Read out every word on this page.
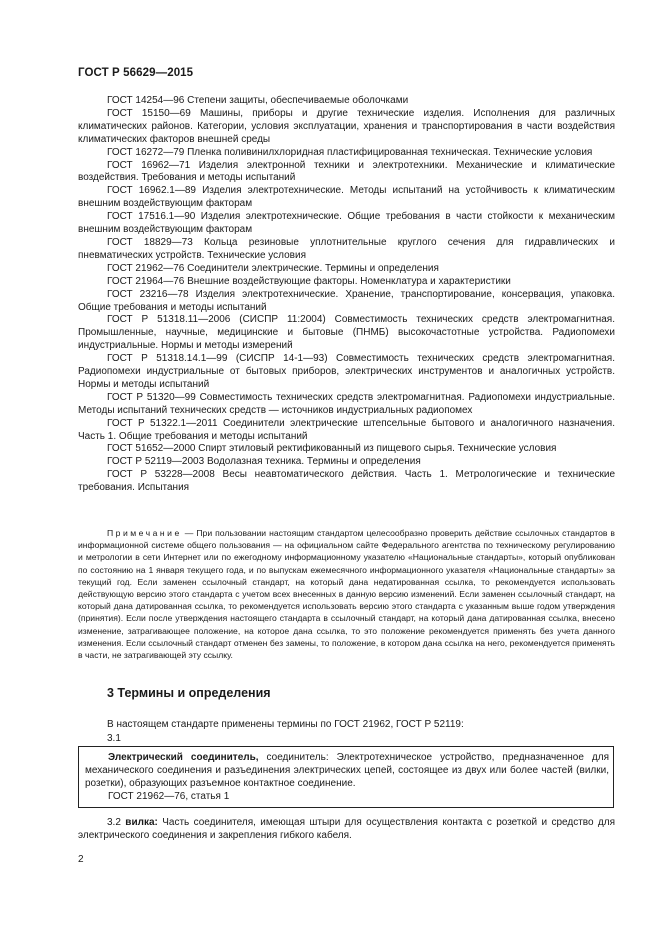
ГОСТ Р 56629—2015

ГОСТ 14254—96 Степени защиты, обеспечиваемые оболочками

ГОСТ 15150—69 Машины, приборы и другие технические изделия. Исполнения для различных климатических районов. Категории, условия эксплуатации, хранения и транспортирования в части воздействия климатических факторов внешней среды

ГОСТ 16272—79 Пленка поливинилхлоридная пластифицированная техническая. Технические условия

ГОСТ 16962—71 Изделия электронной техники и электротехники. Механические и климатические воздействия. Требования и методы испытаний

ГОСТ 16962.1—89 Изделия электротехнические. Методы испытаний на устойчивость к климатическим внешним воздействующим факторам

ГОСТ 17516.1—90 Изделия электротехнические. Общие требования в части стойкости к механическим внешним воздействующим факторам

ГОСТ 18829—73 Кольца резиновые уплотнительные круглого сечения для гидравлических и пневматических устройств. Технические условия

ГОСТ 21962—76 Соединители электрические. Термины и определения

ГОСТ 21964—76 Внешние воздействующие факторы. Номенклатура и характеристики

ГОСТ 23216—78 Изделия электротехнические. Хранение, транспортирование, консервация, упаковка. Общие требования и методы испытаний

ГОСТ Р 51318.11—2006 (СИСПР 11:2004) Совместимость технических средств электромагнитная. Промышленные, научные, медицинские и бытовые (ПНМБ) высокочастотные устройства. Радиопомехи индустриальные. Нормы и методы измерений

ГОСТ Р 51318.14.1—99 (СИСПР 14-1—93) Совместимость технических средств электромагнитная. Радиопомехи индустриальные от бытовых приборов, электрических инструментов и аналогичных устройств. Нормы и методы испытаний

ГОСТ Р 51320—99 Совместимость технических средств электромагнитная. Радиопомехи индустриальные. Методы испытаний технических средств — источников индустриальных радиопомех

ГОСТ Р 51322.1—2011 Соединители электрические штепсельные бытового и аналогичного назначения. Часть 1. Общие требования и методы испытаний

ГОСТ 51652—2000 Спирт этиловый ректификованный из пищевого сырья. Технические условия

ГОСТ Р 52119—2003 Водолазная техника. Термины и определения

ГОСТ Р 53228—2008 Весы неавтоматического действия. Часть 1. Метрологические и технические требования. Испытания

Примечание — При пользовании настоящим стандартом целесообразно проверить действие ссылочных стандартов в информационной системе общего пользования — на официальном сайте Федерального агентства по техническому регулированию и метрологии в сети Интернет или по ежегодному информационному указателю «Национальные стандарты», который опубликован по состоянию на 1 января текущего года, и по выпускам ежемесячного информационного указателя «Национальные стандарты» за текущий год. Если заменен ссылочный стандарт, на который дана недатированная ссылка, то рекомендуется использовать действующую версию этого стандарта с учетом всех внесенных в данную версию изменений. Если заменен ссылочный стандарт, на который дана датированная ссылка, то рекомендуется использовать версию этого стандарта с указанным выше годом утверждения (принятия). Если после утверждения настоящего стандарта в ссылочный стандарт, на который дана датированная ссылка, внесено изменение, затрагивающее положение, на которое дана ссылка, то это положение рекомендуется применять без учета данного изменения. Если ссылочный стандарт отменен без замены, то положение, в котором дана ссылка на него, рекомендуется применять в части, не затрагивающей эту ссылку.

3 Термины и определения

В настоящем стандарте применены термины по ГОСТ 21962, ГОСТ Р 52119:

3.1

Электрический соединитель, соединитель: Электротехническое устройство, предназначенное для механического соединения и разъединения электрических цепей, состоящее из двух или более частей (вилки, розетки), образующих разъемное контактное соединение.

ГОСТ 21962—76, статья 1

3.2 вилка: Часть соединителя, имеющая штыри для осуществления контакта с розеткой и средство для электрического соединения и закрепления гибкого кабеля.

2
